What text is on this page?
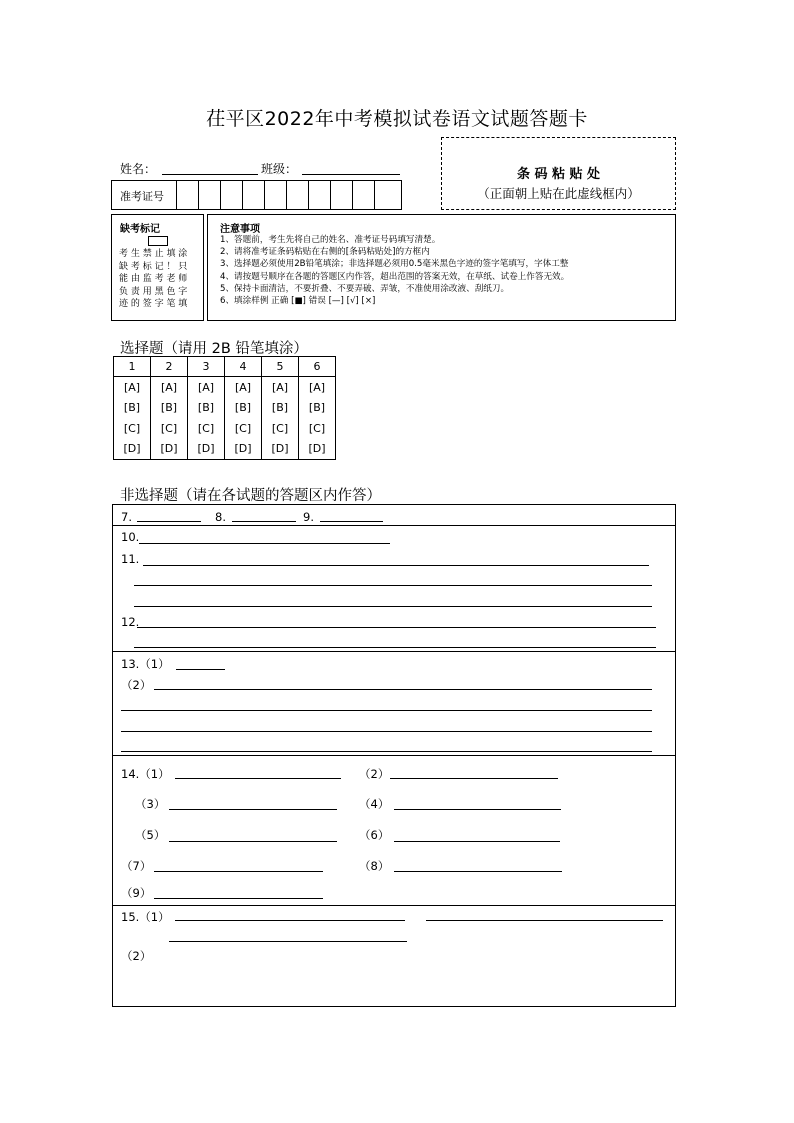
茌平区2022年中考模拟试卷语文试题答题卡
姓名：	班级：
准考证号
条 码 粘 贴 处
（正面朝上贴在此虚线框内）
缺考标记
考 生 禁 止 填 涂
缺 考 标 记 ！ 只
能 由 监 考 老 师
负 责 用 黑 色 字
迹 的 签 字 笔 填
注意事项
1、答题前，考生先将自己的姓名、准考证号码填写清楚。
2、请将准考证条码粘贴在右侧的[条码粘贴处]的方框内
3、选择题必须使用2B铅笔填涂；非选择题必须用0.5毫米黑色字迹的签字笔填写，字体工整
4、请按题号顺序在各题的答题区内作答，超出范围的答案无效，在草纸、试卷上作答无效。
5、保持卡面清洁，不要折叠、不要弄破、弄皱，不准使用涂改液、刮纸刀。
6、填涂样例 正确 [■] 错误 [—] [√] [×]
选择题（请用 2B 铅笔填涂）
1	2	3	4	5	6
[A]	[A]	[A]	[A]	[A]	[A]
[B]	[B]	[B]	[B]	[B]	[B]
[C]	[C]	[C]	[C]	[C]	[C]
[D]	[D]	[D]	[D]	[D]	[D]
非选择题（请在各试题的答题区内作答）
7.	8.	9.
10.
11.
12.
13.（1）
（2）
14.（1）	（2）
（3）	（4）
（5）	（6）
（7）	（8）
（9）
15.（1）
（2）
